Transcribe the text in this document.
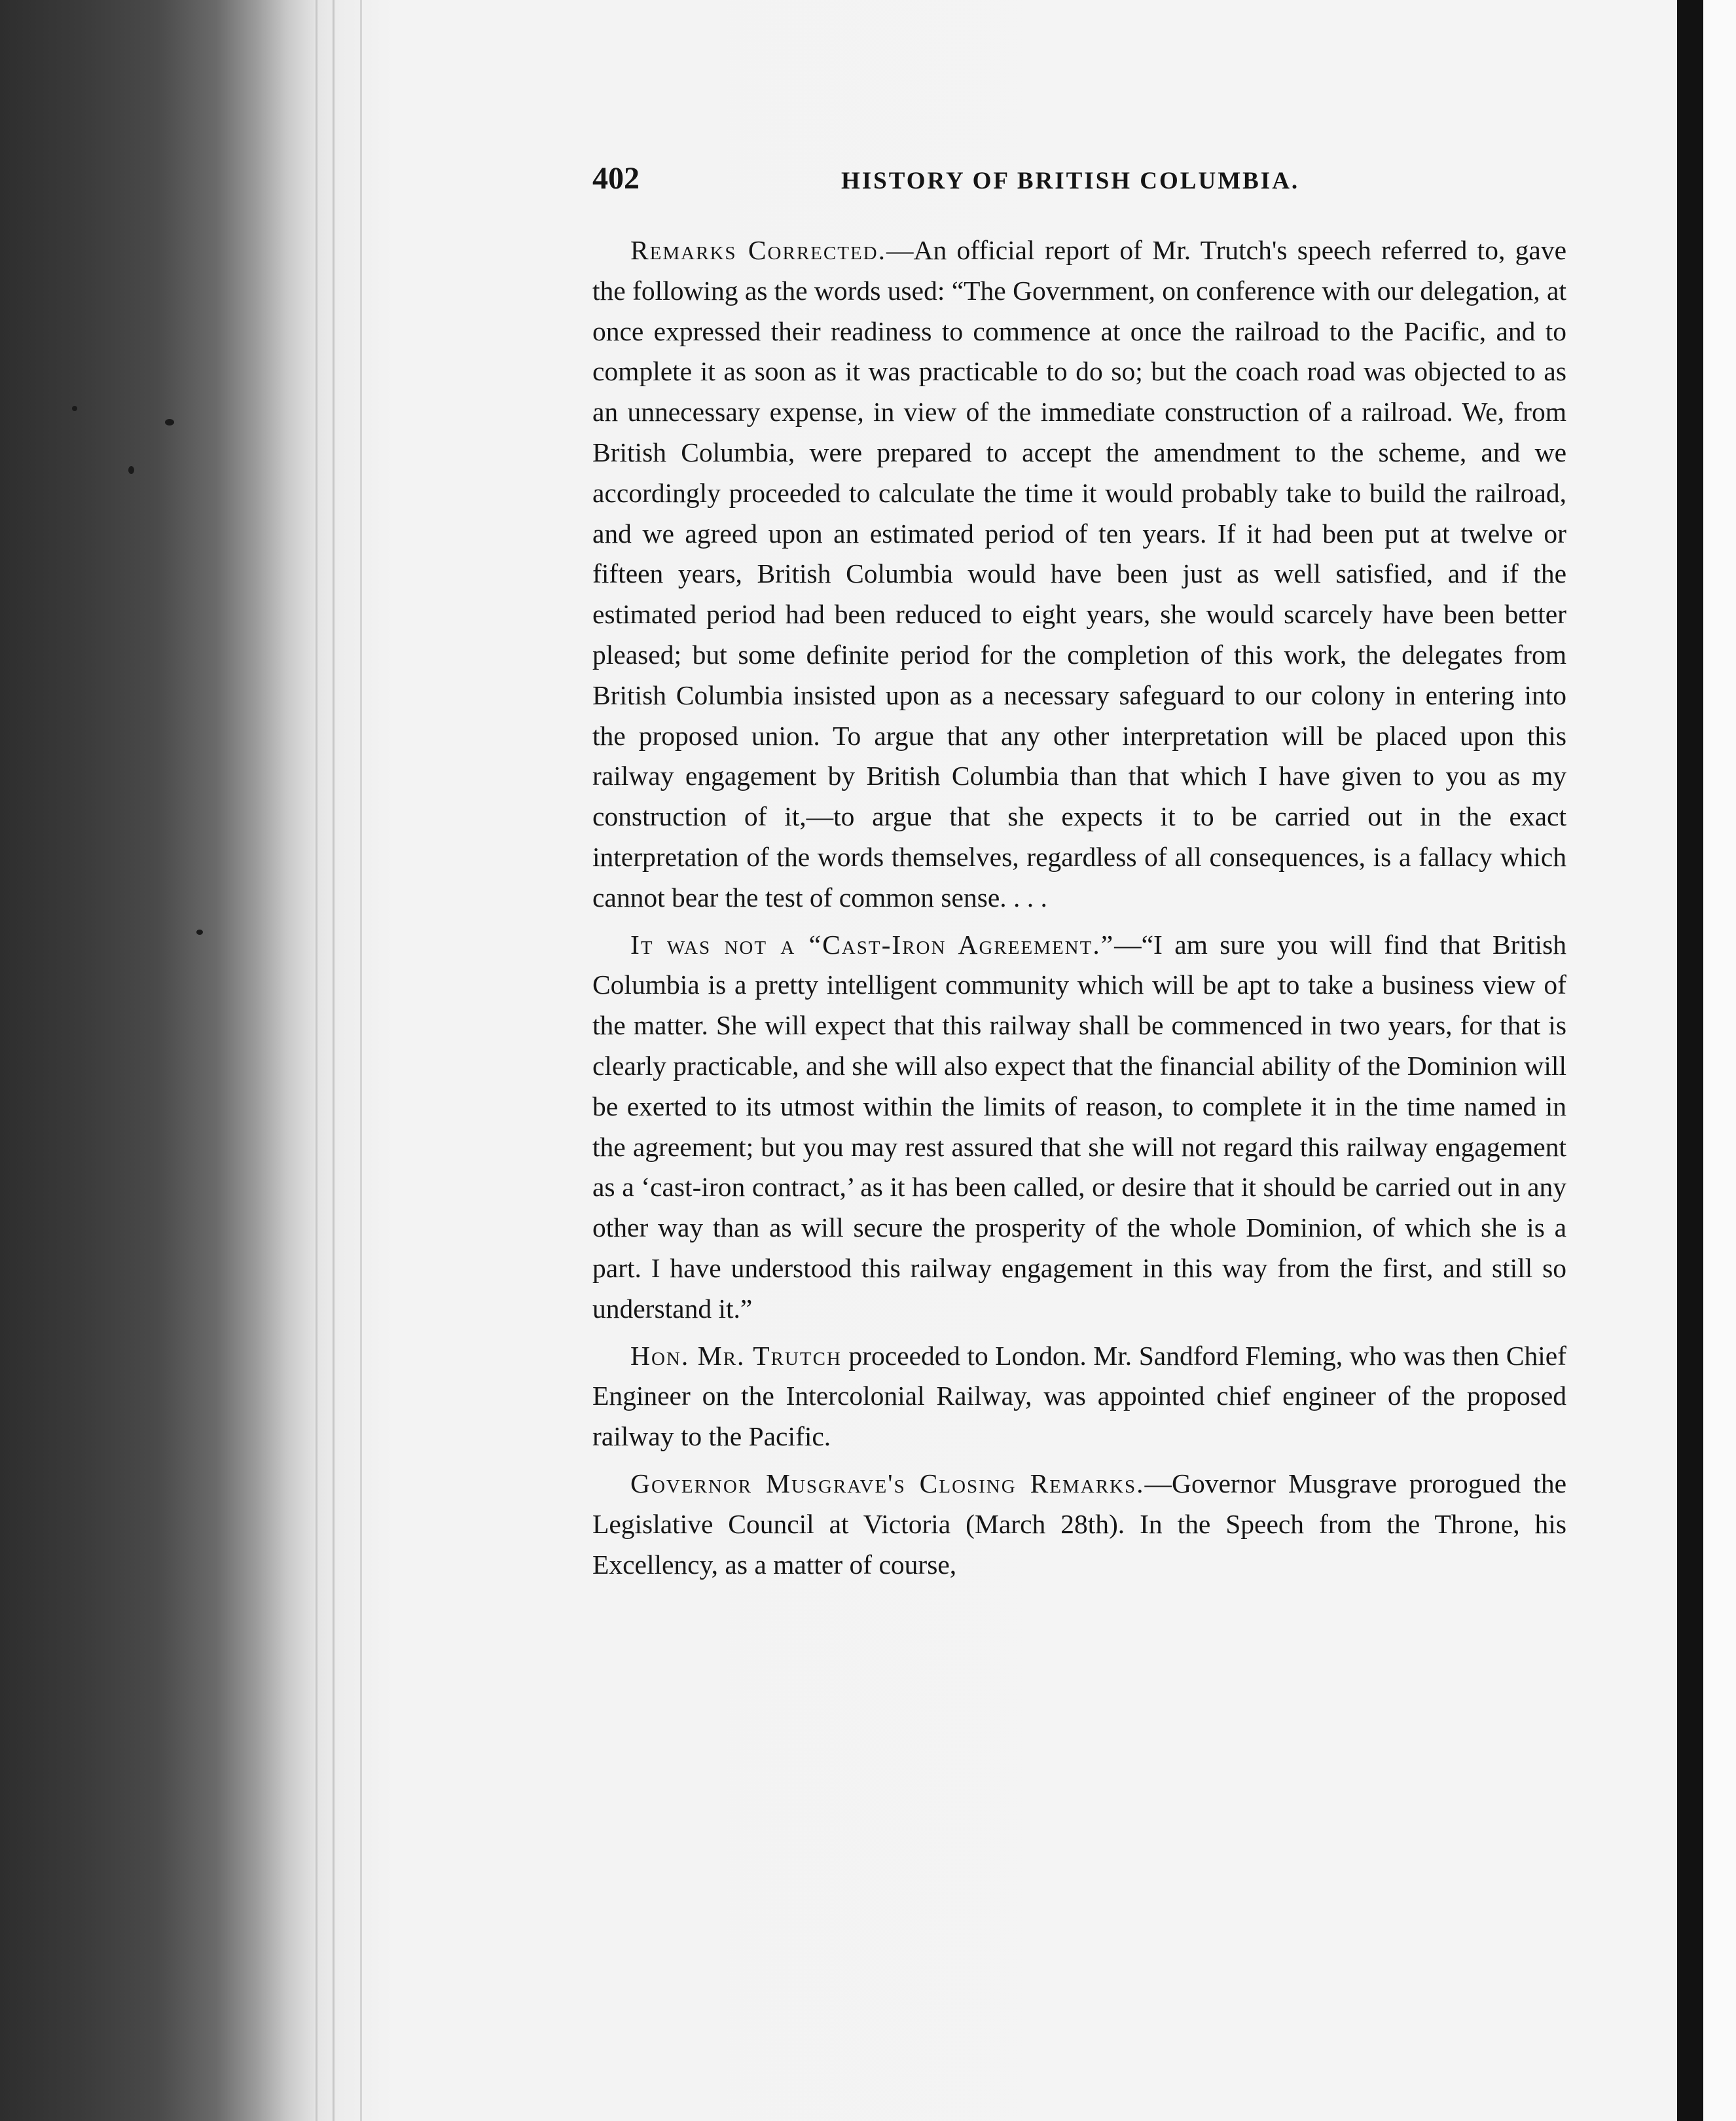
402	HISTORY OF BRITISH COLUMBIA.

Remarks Corrected.—An official report of Mr. Trutch's speech referred to, gave the following as the words used: “The Government, on conference with our delegation, at once expressed their readiness to commence at once the railroad to the Pacific, and to complete it as soon as it was practicable to do so; but the coach road was objected to as an unnecessary expense, in view of the immediate construction of a railroad. We, from British Columbia, were prepared to accept the amendment to the scheme, and we accordingly proceeded to calculate the time it would probably take to build the railroad, and we agreed upon an estimated period of ten years. If it had been put at twelve or fifteen years, British Columbia would have been just as well satisfied, and if the estimated period had been reduced to eight years, she would scarcely have been better pleased; but some definite period for the completion of this work, the delegates from British Columbia insisted upon as a necessary safeguard to our colony in entering into the proposed union. To argue that any other interpretation will be placed upon this railway engagement by British Columbia than that which I have given to you as my construction of it,—to argue that she expects it to be carried out in the exact interpretation of the words themselves, regardless of all consequences, is a fallacy which cannot bear the test of common sense. . . .

It was not a “Cast-Iron Agreement.”—“I am sure you will find that British Columbia is a pretty intelligent community which will be apt to take a business view of the matter. She will expect that this railway shall be commenced in two years, for that is clearly practicable, and she will also expect that the financial ability of the Dominion will be exerted to its utmost within the limits of reason, to complete it in the time named in the agreement; but you may rest assured that she will not regard this railway engagement as a ‘cast-iron contract,’ as it has been called, or desire that it should be carried out in any other way than as will secure the prosperity of the whole Dominion, of which she is a part. I have understood this railway engagement in this way from the first, and still so understand it.”

Hon. Mr. Trutch proceeded to London. Mr. Sandford Fleming, who was then Chief Engineer on the Intercolonial Railway, was appointed chief engineer of the proposed railway to the Pacific.

Governor Musgrave's Closing Remarks.—Governor Musgrave prorogued the Legislative Council at Victoria (March 28th). In the Speech from the Throne, his Excellency, as a matter of course,
